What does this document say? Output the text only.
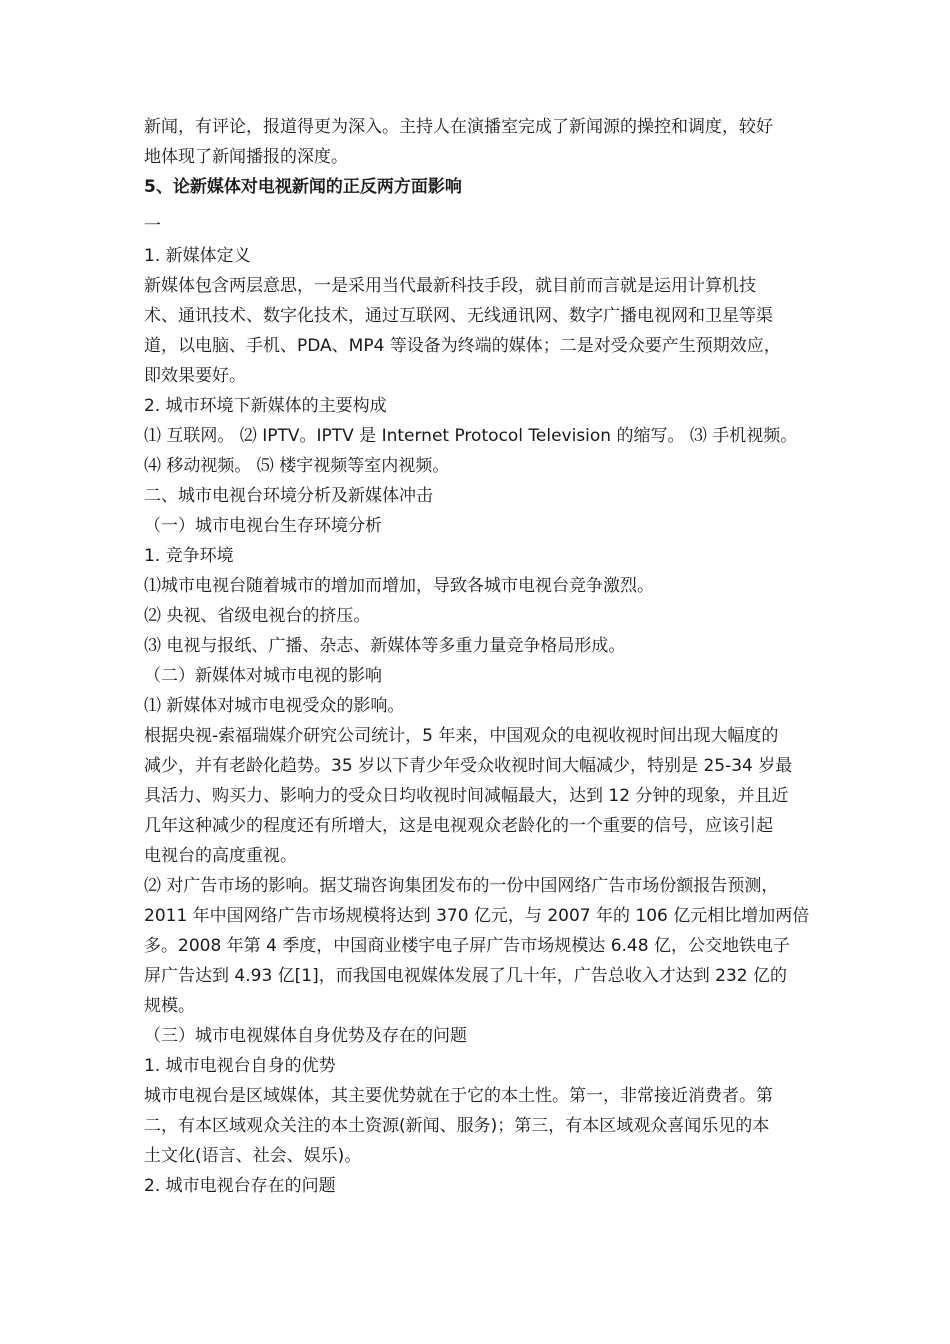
新闻，有评论，报道得更为深入。主持人在演播室完成了新闻源的操控和调度，较好

地体现了新闻播报的深度。

5、论新媒体对电视新闻的正反两方面影响

一

1. 新媒体定义

新媒体包含两层意思，一是采用当代最新科技手段，就目前而言就是运用计算机技

术、通讯技术、数字化技术，通过互联网、无线通讯网、数字广播电视网和卫星等渠

道，以电脑、手机、PDA、MP4 等设备为终端的媒体；二是对受众要产生预期效应，

即效果要好。

2. 城市环境下新媒体的主要构成

⑴ 互联网。 ⑵ IPTV。IPTV 是 Internet Protocol Television 的缩写。 ⑶ 手机视频。

⑷ 移动视频。 ⑸ 楼宇视频等室内视频。

二、城市电视台环境分析及新媒体冲击

（一）城市电视台生存环境分析

1. 竞争环境

⑴城市电视台随着城市的增加而增加，导致各城市电视台竞争激烈。

⑵ 央视、省级电视台的挤压。

⑶ 电视与报纸、广播、杂志、新媒体等多重力量竞争格局形成。

（二）新媒体对城市电视的影响

⑴ 新媒体对城市电视受众的影响。

根据央视-索福瑞媒介研究公司统计，5 年来，中国观众的电视收视时间出现大幅度的

减少，并有老龄化趋势。35 岁以下青少年受众收视时间大幅减少，特别是 25-34 岁最

具活力、购买力、影响力的受众日均收视时间减幅最大，达到 12 分钟的现象，并且近

几年这种减少的程度还有所增大，这是电视观众老龄化的一个重要的信号，应该引起

电视台的高度重视。

⑵ 对广告市场的影响。据艾瑞咨询集团发布的一份中国网络广告市场份额报告预测，

2011 年中国网络广告市场规模将达到 370 亿元，与 2007 年的 106 亿元相比增加两倍

多。2008 年第 4 季度，中国商业楼宇电子屏广告市场规模达 6.48 亿，公交地铁电子

屏广告达到 4.93 亿[1]，而我国电视媒体发展了几十年，广告总收入才达到 232 亿的

规模。

（三）城市电视媒体自身优势及存在的问题

1. 城市电视台自身的优势

城市电视台是区域媒体，其主要优势就在于它的本土性。第一，非常接近消费者。第

二，有本区域观众关注的本土资源(新闻、服务)；第三，有本区域观众喜闻乐见的本

土文化(语言、社会、娱乐)。

2. 城市电视台存在的问题
